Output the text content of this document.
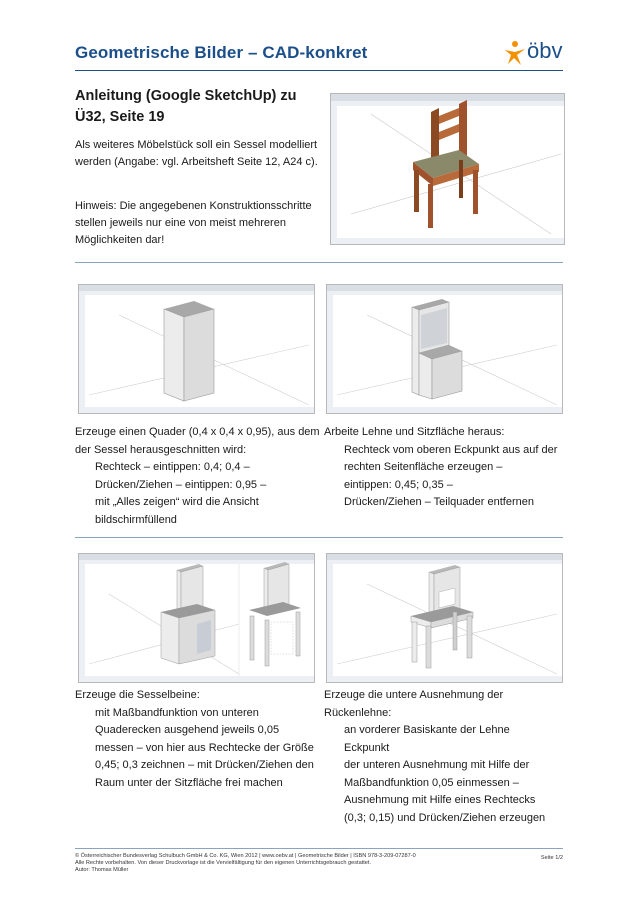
Geometrische Bilder – CAD-konkret	öbv
Anleitung (Google SketchUp) zu Ü32, Seite 19

Als weiteres Möbelstück soll ein Sessel modelliert werden (Angabe: vgl. Arbeitsheft Seite 12, A24 c).

Hinweis: Die angegebenen Konstruktionsschritte stellen jeweils nur eine von meist mehreren Möglichkeiten dar!

Erzeuge einen Quader (0,4 x 0,4 x 0,95), aus dem der Sessel herausgeschnitten wird:
Rechteck – eintippen: 0,4; 0,4 –
Drücken/Ziehen – eintippen: 0,95 –
mit „Alles zeigen“ wird die Ansicht
bildschirmfüllend
Arbeite Lehne und Sitzfläche heraus:
Rechteck vom oberen Eckpunkt aus auf der
rechten Seitenfläche erzeugen –
eintippen: 0,45; 0,35 –
Drücken/Ziehen – Teilquader entfernen
Erzeuge die Sesselbeine:
mit Maßbandfunktion von unteren
Quaderecken ausgehend jeweils 0,05
messen – von hier aus Rechtecke der Größe
0,45; 0,3 zeichnen – mit Drücken/Ziehen den
Raum unter der Sitzfläche frei machen
Erzeuge die untere Ausnehmung der Rückenlehne:
an vorderer Basiskante der Lehne Eckpunkt
der unteren Ausnehmung mit Hilfe der
Maßbandfunktion 0,05 einmessen –
Ausnehmung mit Hilfe eines Rechtecks
(0,3; 0,15) und Drücken/Ziehen erzeugen
© Österreichischer Bundesverlag Schulbuch GmbH & Co. KG, Wien 2012 | www.oebv.at | Geometrische Bilder | ISBN 978-3-209-07287-0
Alle Rechte vorbehalten. Von dieser Druckvorlage ist die Vervielfältigung für den eigenen Unterrichtsgebrauch gestattet.
Autor: Thomas Müller
Seite 1/2
